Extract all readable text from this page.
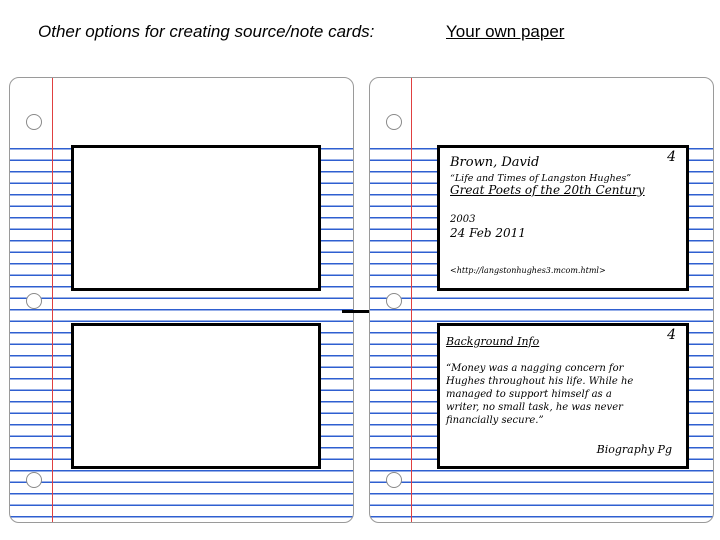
Other options for creating source/note cards:	Your own paper
4
Brown, David
“Life and Times of Langston Hughes”
Great Poets of the 20th Century
2003
24 Feb 2011
<http://langstonhughes3.mcom.html>
4
Background Info
“Money was a nagging concern for
Hughes throughout his life. While he
managed to support himself as a
writer, no small task, he was never
financially secure.”
Biography Pg
